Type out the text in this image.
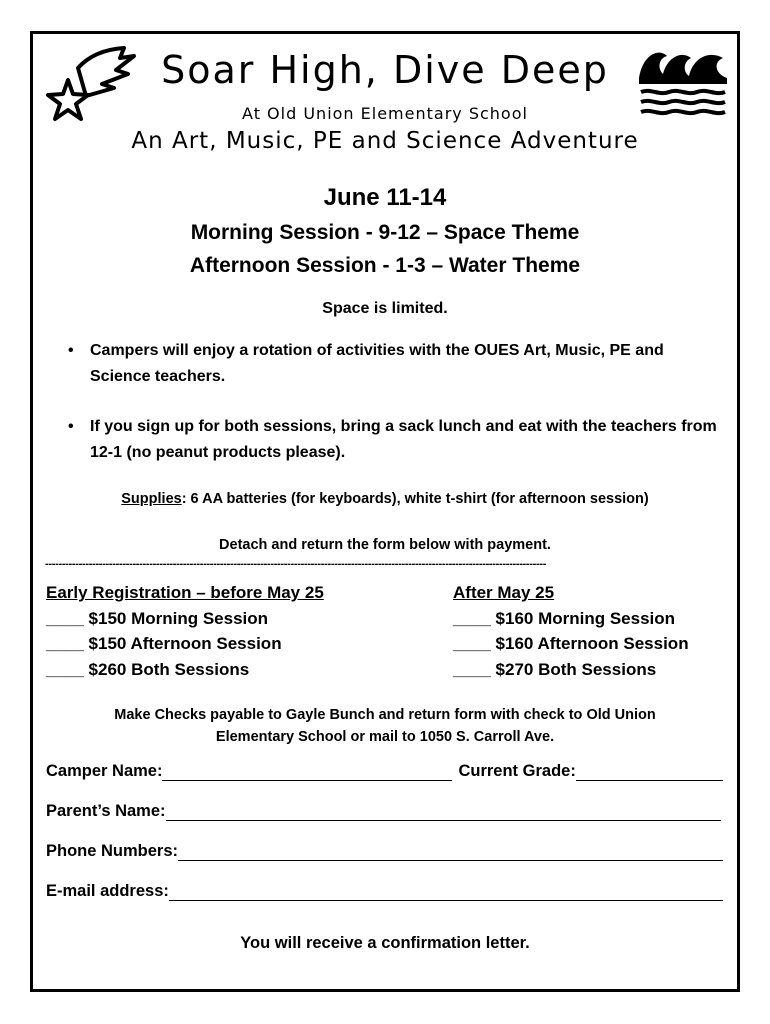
Soar High, Dive Deep
At Old Union Elementary School
An Art, Music, PE and Science Adventure
June 11-14
Morning Session - 9-12 – Space Theme
Afternoon Session - 1-3 – Water Theme
Space is limited.
• Campers will enjoy a rotation of activities with the OUES Art, Music, PE and Science teachers.
• If you sign up for both sessions, bring a sack lunch and eat with the teachers from 12-1 (no peanut products please).
Supplies: 6 AA batteries (for keyboards), white t-shirt (for afternoon session)
Detach and return the form below with payment.
-----------------------------------------------------------------------------------------------------------------------------------------------------
Early Registration – before May 25
____ $150 Morning Session
____ $150 Afternoon Session
____ $260 Both Sessions
After May 25
____ $160 Morning Session
____ $160 Afternoon Session
____ $270 Both Sessions
Make Checks payable to Gayle Bunch and return form with check to Old Union
Elementary School or mail to 1050 S. Carroll Ave.
Camper Name:	Current Grade:
Parent’s Name:
Phone Numbers:
E-mail address:
You will receive a confirmation letter.
